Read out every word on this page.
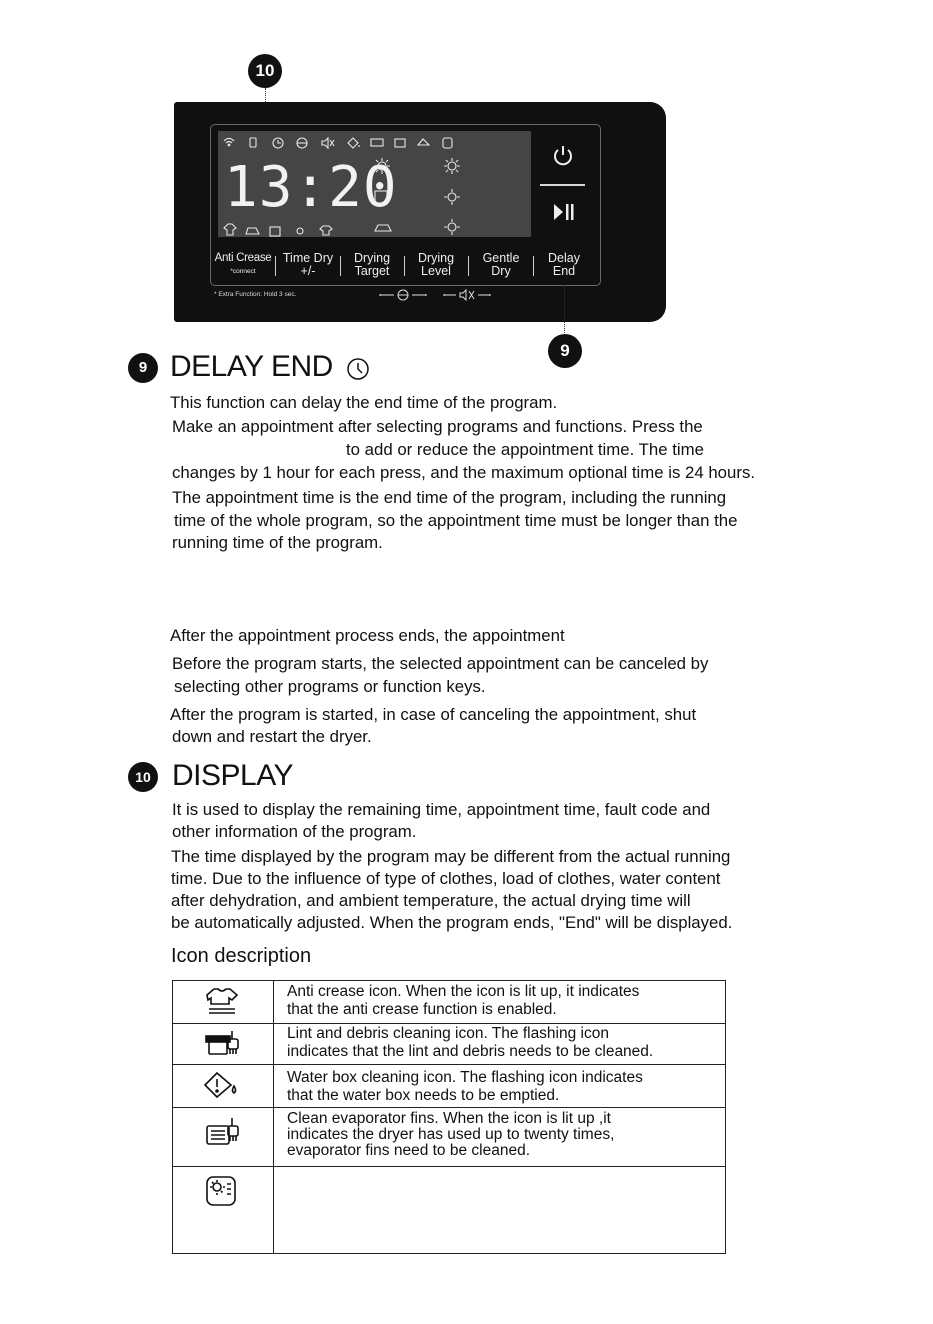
10
13:20
Anti Crease
*connect
Time Dry
+/-
Drying
Target
Drying
Level
Gentle
Dry
Delay
End
* Extra Function: Hold 3 sec.
9
9 DELAY END
This function can delay the end time of the program.
Make an appointment after selecting programs and functions. Press the
to add or reduce the appointment time. The time
changes by 1 hour for each press, and the maximum optional time is 24 hours.
The appointment time is the end time of the program, including the running
time of the whole program, so the appointment time must be longer than the
running time of the program.
After the appointment process ends, the appointment
Before the program starts, the selected appointment can be canceled by
selecting other programs or function keys.
After the program is started, in case of canceling the appointment, shut
down and restart the dryer.
10 DISPLAY
It is used to display the remaining time, appointment time, fault code and
other information of the program.
The time displayed by the program may be different from the actual running
time. Due to the influence of type of clothes, load of clothes, water content
after dehydration, and ambient temperature, the actual drying time will
be automatically adjusted. When the program ends, "End" will be displayed.
Icon description
Anti crease icon. When the icon is lit up, it indicates
that the anti crease function is enabled.
Lint and debris cleaning icon. The flashing icon
indicates that the lint and debris needs to be cleaned.
Water box cleaning icon. The flashing icon indicates
that the water box needs to be emptied.
Clean evaporator fins. When the icon is lit up ,it
indicates the dryer has used up to twenty times,
evaporator fins need to be cleaned.
